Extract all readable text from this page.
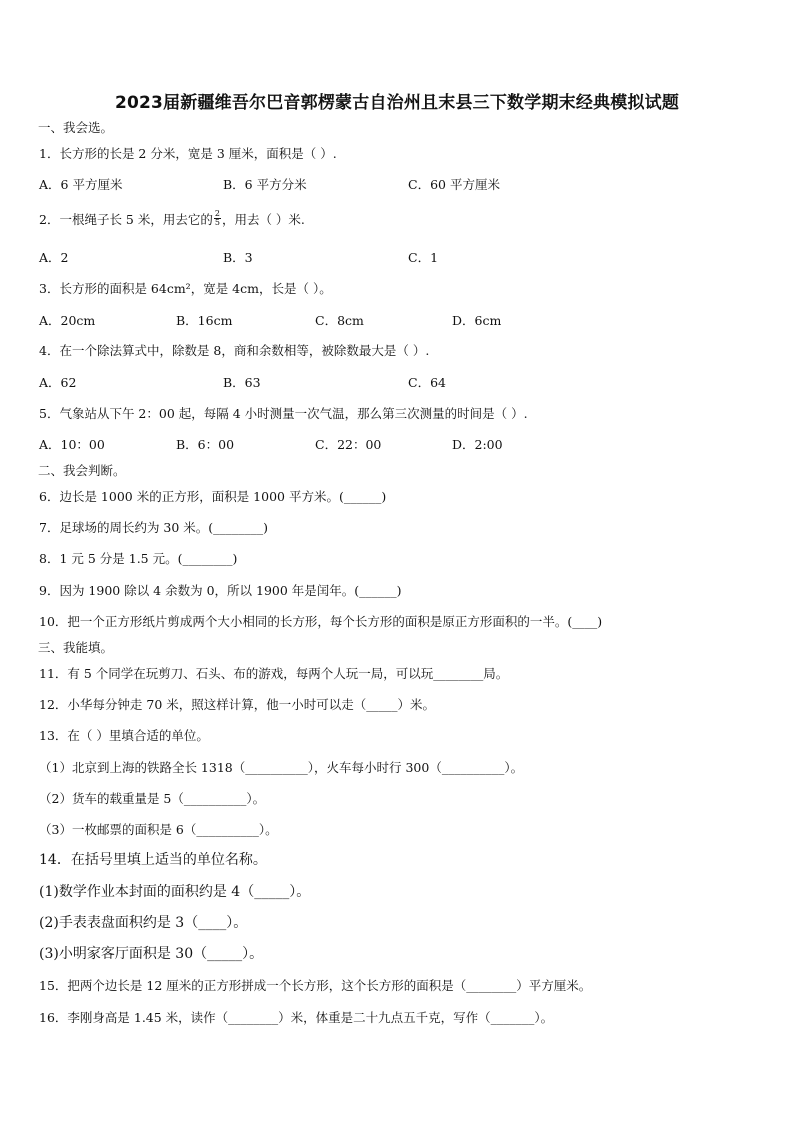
2023届新疆维吾尔巴音郭楞蒙古自治州且末县三下数学期末经典模拟试题
一、我会选。
1．长方形的长是 2 分米，宽是 3 厘米，面积是（ ）.
A．6 平方厘米	B．6 平方分米	C．60 平方厘米
2．一根绳子长 5 米，用去它的 $\frac{2}{5}$ ，用去（ ）米.
A．2	B．3	C．1
3．长方形的面积是 64cm²，宽是 4cm，长是（ ）。
A．20cm	B．16cm	C．8cm	D．6cm
4．在一个除法算式中，除数是 8，商和余数相等，被除数最大是（ ）.
A．62	B．63	C．64
5．气象站从下午 2：00 起，每隔 4 小时测量一次气温，那么第三次测量的时间是（ ）.
A．10：00	B．6：00	C．22：00	D．2:00
二、我会判断。
6．边长是 1000 米的正方形，面积是 1000 平方米。(______)
7．足球场的周长约为 30 米。(________)
8．1 元 5 分是 1.5 元。(________)
9．因为 1900 除以 4 余数为 0，所以 1900 年是闰年。(______)
10．把一个正方形纸片剪成两个大小相同的长方形，每个长方形的面积是原正方形面积的一半。(____)
三、我能填。
11．有 5 个同学在玩剪刀、石头、布的游戏，每两个人玩一局，可以玩________局。
12．小华每分钟走 70 米，照这样计算，他一小时可以走（_____）米。
13．在（ ）里填合适的单位。
（1）北京到上海的铁路全长 1318（__________），火车每小时行 300（__________）。
（2）货车的载重量是 5（__________）。
（3）一枚邮票的面积是 6（__________）。
14．在括号里填上适当的单位名称。
(1)数学作业本封面的面积约是 4（_____）。
(2)手表表盘面积约是 3（____）。
(3)小明家客厅面积是 30（_____）。
15．把两个边长是 12 厘米的正方形拼成一个长方形，这个长方形的面积是（________）平方厘米。
16．李刚身高是 1.45 米，读作（________）米，体重是二十九点五千克，写作（_______）。
